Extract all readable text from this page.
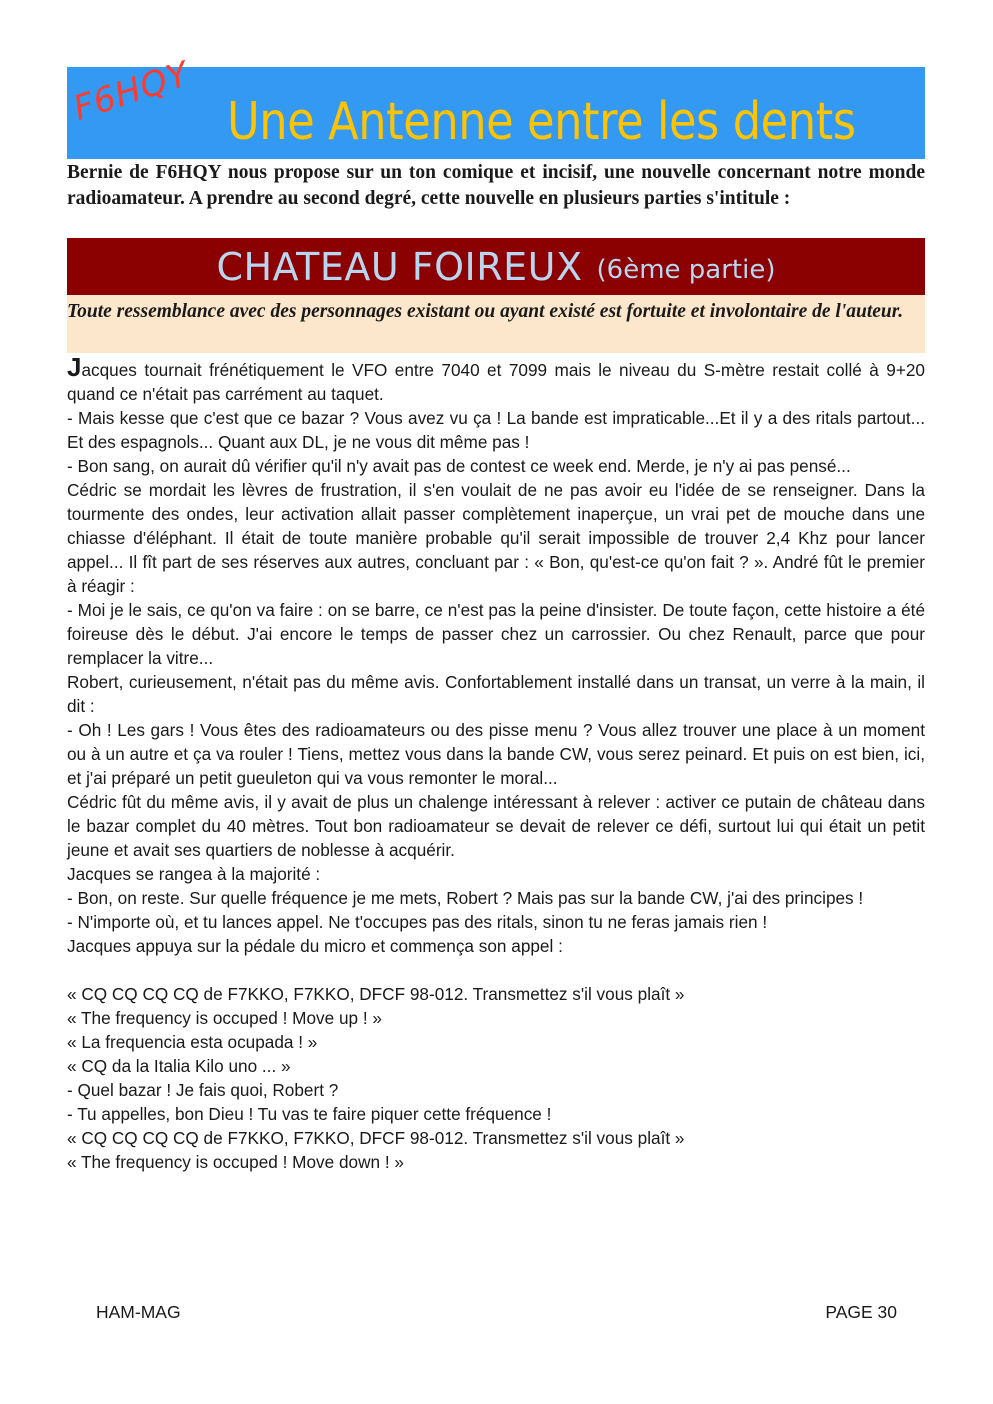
F6HQY Une Antenne entre les dents

Bernie de F6HQY nous propose sur un ton comique et incisif, une nouvelle concernant notre monde radioamateur. A prendre au second degré, cette nouvelle en plusieurs parties s'intitule :

CHATEAU FOIREUX (6ème partie)
Toute ressemblance avec des personnages existant ou ayant existé est fortuite et involontaire de l'auteur.

Jacques tournait frénétiquement le VFO entre 7040 et 7099 mais le niveau du S-mètre restait collé à 9+20 quand ce n'était pas carrément au taquet.

- Mais kesse que c'est que ce bazar ? Vous avez vu ça ! La bande est impraticable...Et il y a des ritals partout... Et des espagnols... Quant aux DL, je ne vous dit même pas !

- Bon sang, on aurait dû vérifier qu'il n'y avait pas de contest ce week end. Merde, je n'y ai pas pensé...

Cédric se mordait les lèvres de frustration, il s'en voulait de ne pas avoir eu l'idée de se renseigner. Dans la tourmente des ondes, leur activation allait passer complètement inaperçue, un vrai pet de mouche dans une chiasse d'éléphant. Il était de toute manière probable qu'il serait impossible de trouver 2,4 Khz pour lancer appel... Il fît part de ses réserves aux autres, concluant par : « Bon, qu'est-ce qu'on fait ? ». André fût le premier à réagir :

- Moi je le sais, ce qu'on va faire : on se barre, ce n'est pas la peine d'insister. De toute façon, cette histoire a été foireuse dès le début. J'ai encore le temps de passer chez un carrossier. Ou chez Renault, parce que pour remplacer la vitre...

Robert, curieusement, n'était pas du même avis. Confortablement installé dans un transat, un verre à la main, il dit :

- Oh ! Les gars ! Vous êtes des radioamateurs ou des pisse menu ? Vous allez trouver une place à un moment ou à un autre et ça va rouler ! Tiens, mettez vous dans la bande CW, vous serez peinard. Et puis on est bien, ici, et j'ai préparé un petit gueuleton qui va vous remonter le moral...

Cédric fût du même avis, il y avait de plus un chalenge intéressant à relever : activer ce putain de château dans le bazar complet du 40 mètres. Tout bon radioamateur se devait de relever ce défi, surtout lui qui était un petit jeune et avait ses quartiers de noblesse à acquérir.

Jacques se rangea à la majorité :

- Bon, on reste. Sur quelle fréquence je me mets, Robert ? Mais pas sur la bande CW, j'ai des principes !

- N'importe où, et tu lances appel. Ne t'occupes pas des ritals, sinon tu ne feras jamais rien !

Jacques appuya sur la pédale du micro et commença son appel :

« CQ CQ CQ CQ de F7KKO, F7KKO, DFCF 98-012. Transmettez s'il vous plaît »

« The frequency is occuped ! Move up ! »

« La frequencia esta ocupada ! »

« CQ da la Italia Kilo uno ... »

- Quel bazar ! Je fais quoi, Robert ?

- Tu appelles, bon Dieu ! Tu vas te faire piquer cette fréquence !

« CQ CQ CQ CQ de F7KKO, F7KKO, DFCF 98-012. Transmettez s'il vous plaît »

« The frequency is occuped ! Move down ! »

HAM-MAG	PAGE 30
